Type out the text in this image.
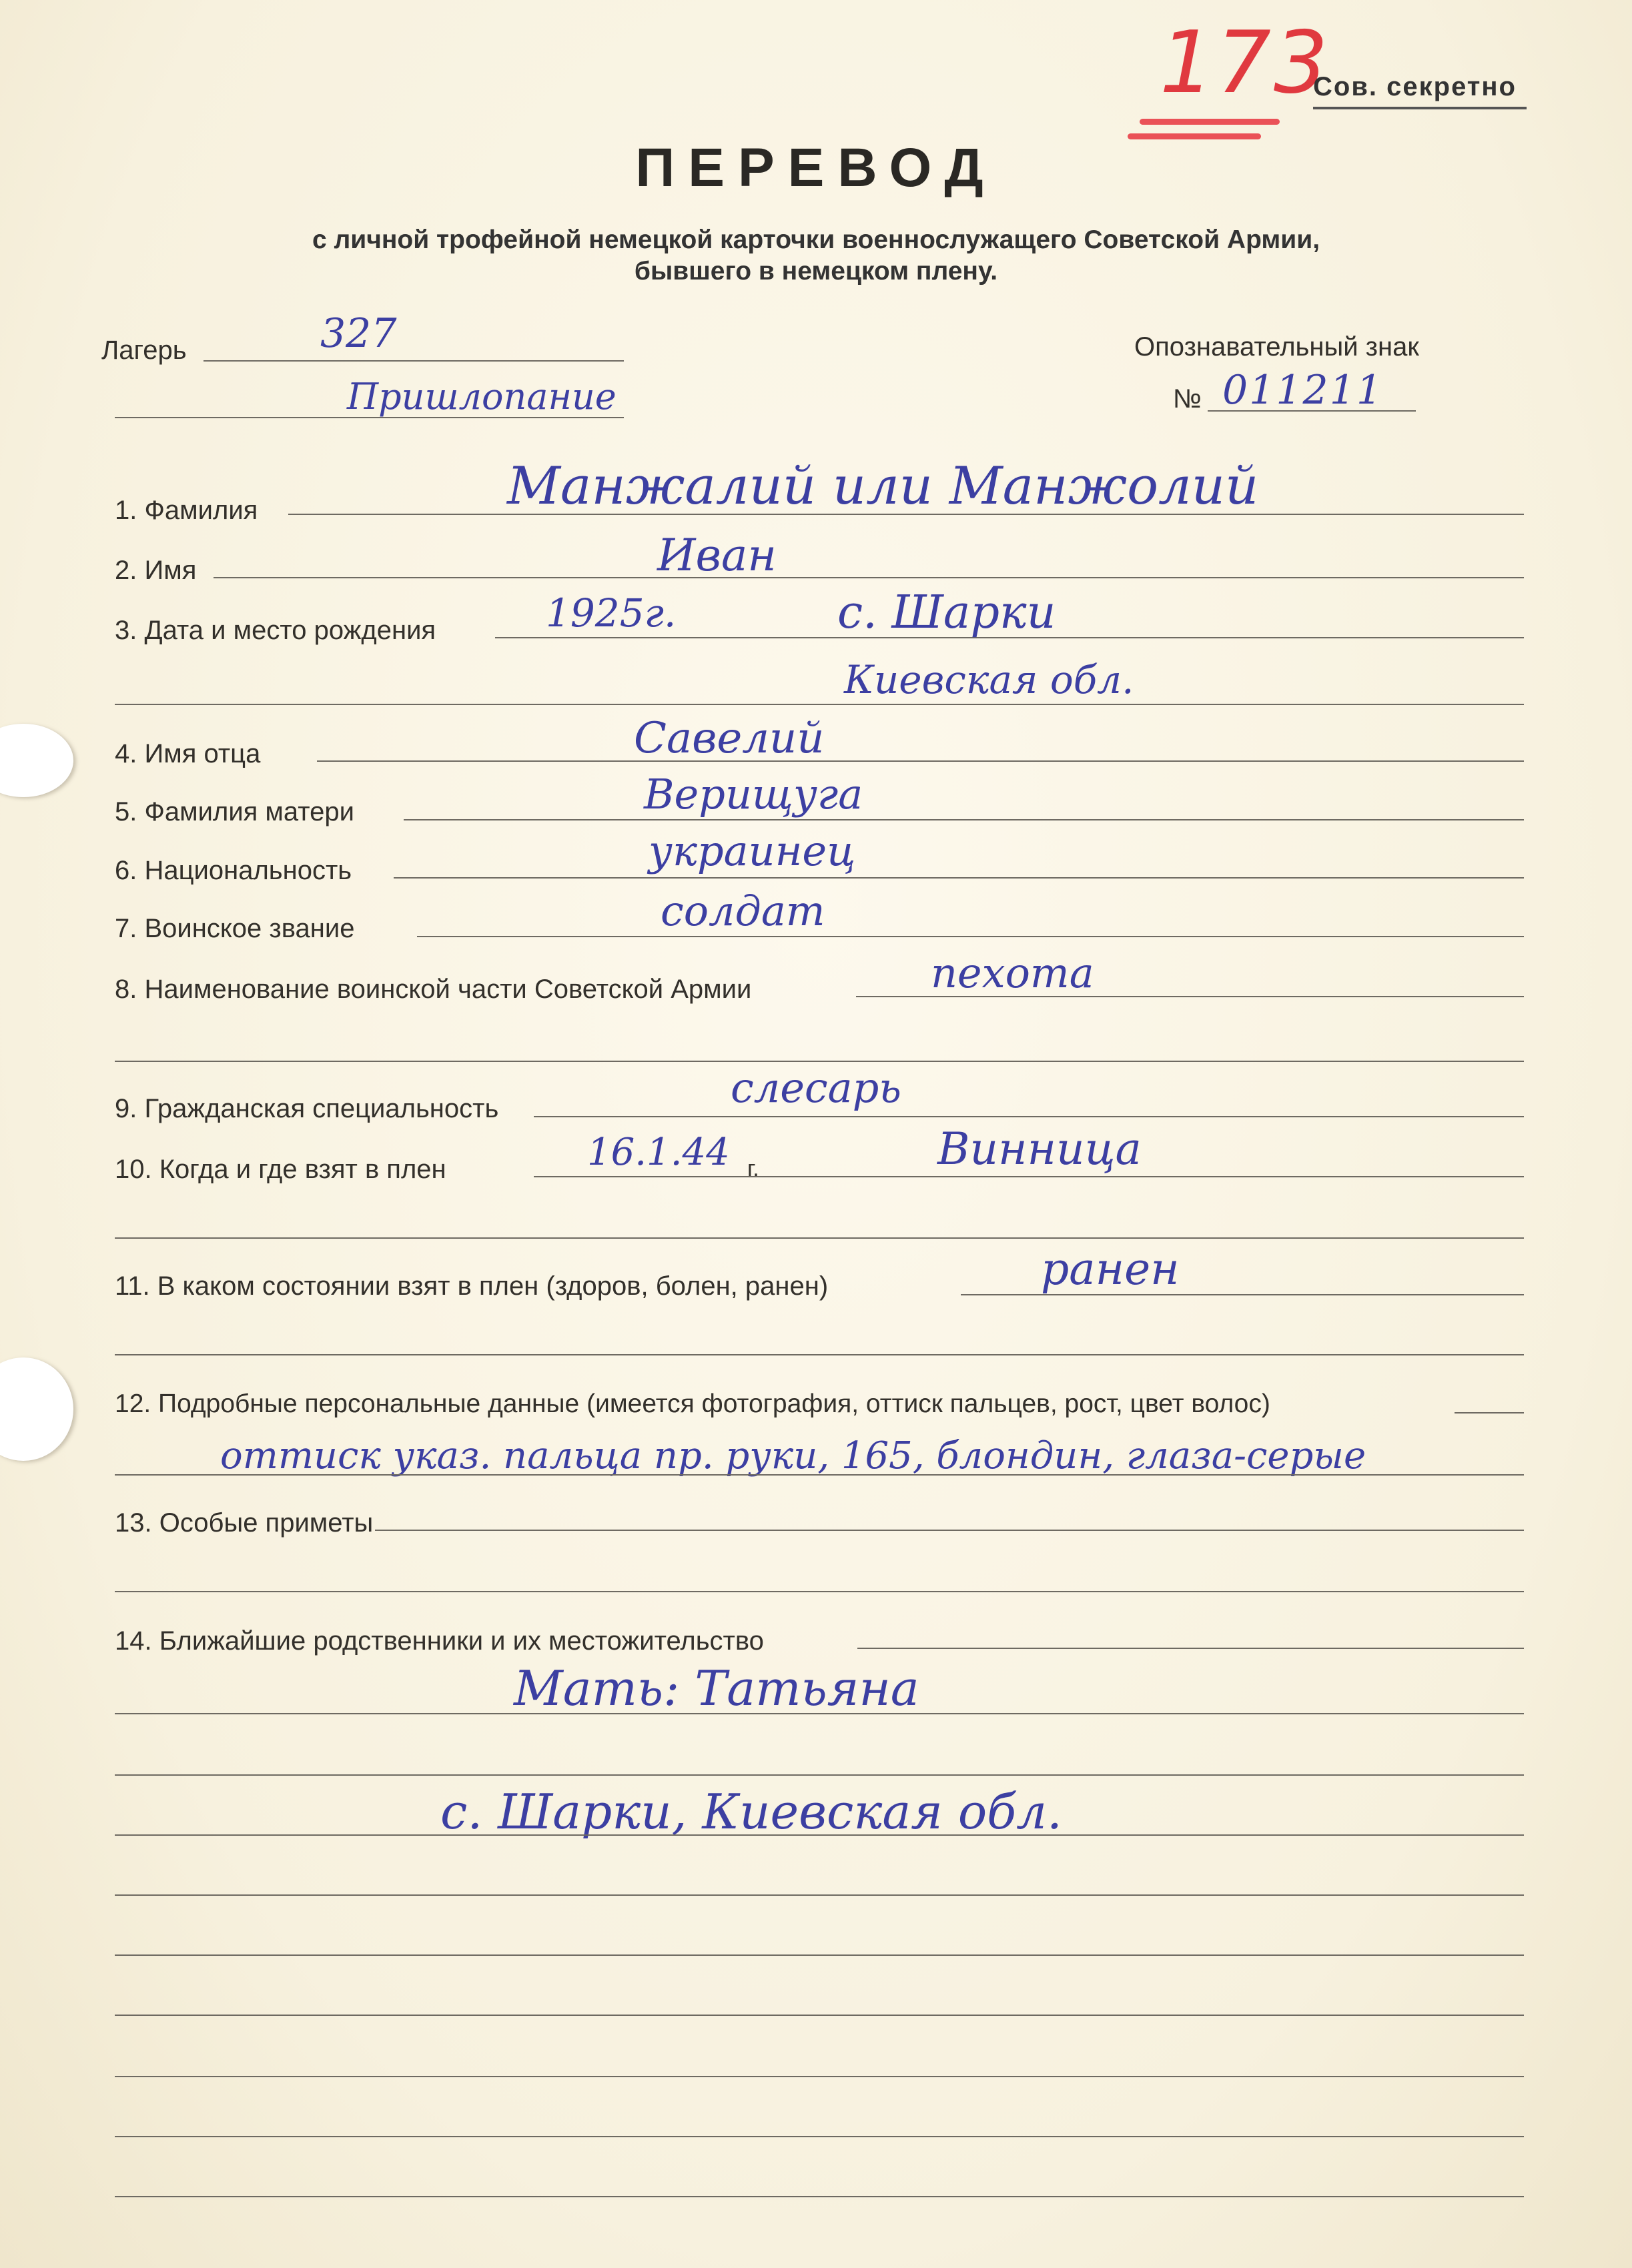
173
Сов. секретно
ПЕРЕВОД
с личной трофейной немецкой карточки военнослужащего Советской Армии,
бывшего в немецком плену.
Лагерь	327
Пришлопание
Опознавательный знак
№ 011211
1. Фамилия	Манжалий или Манжолий
2. Имя	Иван
3. Дата и место рождения	1925г.	с. Шарки
Киевская обл.
4. Имя отца	Савелий
5. Фамилия матери	Верищуга
6. Национальность	украинец
7. Воинское звание	солдат
8. Наименование воинской части Советской Армии	пехота
9. Гражданская специальность	слесарь
10. Когда и где взят в плен	16.1.44 г.	Винница
11. В каком состоянии взят в плен (здоров, болен, ранен)	ранен
12. Подробные персональные данные (имеется фотография, оттиск пальцев, рост, цвет волос)
оттиск указ. пальца пр. руки, 165, блондин, глаза-серые
13. Особые приметы
14. Ближайшие родственники и их местожительство
Мать: Татьяна
с. Шарки, Киевская обл.
